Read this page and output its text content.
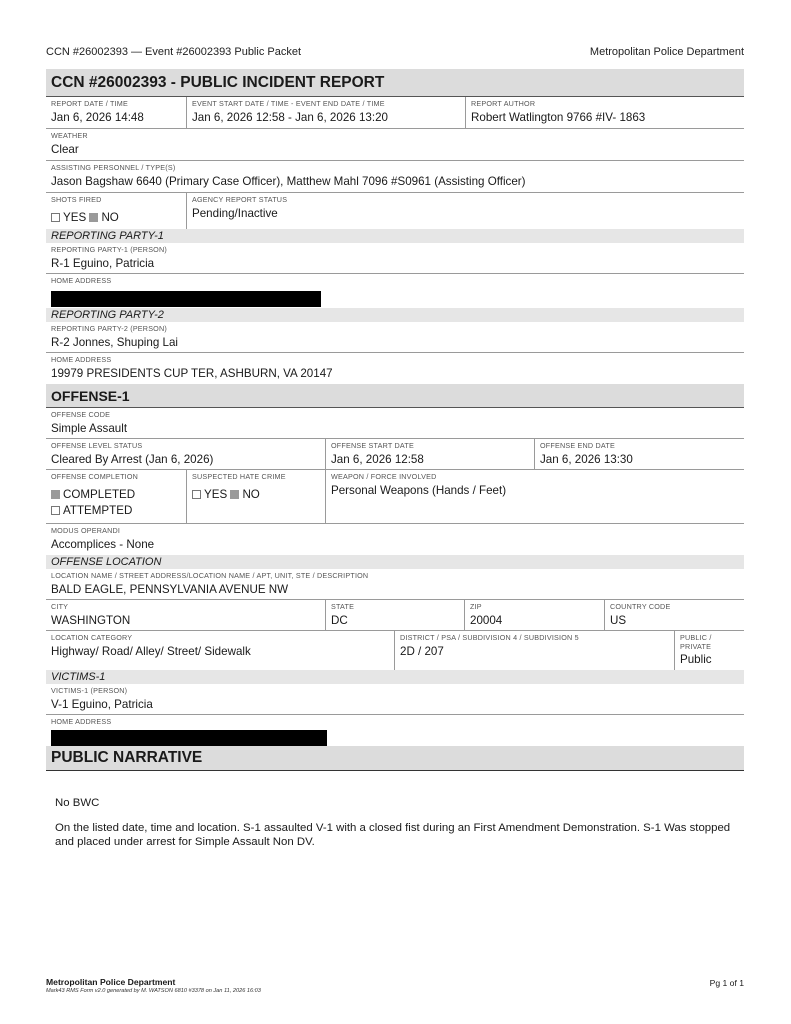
CCN #26002393 — Event #26002393 Public Packet	Metropolitan Police Department
CCN #26002393 - PUBLIC INCIDENT REPORT
REPORT DATE / TIME
Jan 6, 2026 14:48
EVENT START DATE / TIME - EVENT END DATE / TIME
Jan 6, 2026 12:58 - Jan 6, 2026 13:20
REPORT AUTHOR
Robert Watlington 9766 #IV- 1863
WEATHER
Clear
ASSISTING PERSONNEL / TYPE(S)
Jason Bagshaw 6640 (Primary Case Officer), Matthew Mahl 7096 #S0961 (Assisting Officer)
SHOTS FIRED
YES NO
AGENCY REPORT STATUS
Pending/Inactive
REPORTING PARTY-1
REPORTING PARTY-1 (PERSON)
R-1 Eguino, Patricia
HOME ADDRESS
REPORTING PARTY-2
REPORTING PARTY-2 (PERSON)
R-2 Jonnes, Shuping Lai
HOME ADDRESS
19979 PRESIDENTS CUP TER, ASHBURN, VA 20147
OFFENSE-1
OFFENSE CODE
Simple Assault
OFFENSE LEVEL STATUS
Cleared By Arrest (Jan 6, 2026)
OFFENSE START DATE
Jan 6, 2026 12:58
OFFENSE END DATE
Jan 6, 2026 13:30
OFFENSE COMPLETION
COMPLETED
ATTEMPTED
SUSPECTED HATE CRIME
YES NO
WEAPON / FORCE INVOLVED
Personal Weapons (Hands / Feet)
MODUS OPERANDI
Accomplices - None
OFFENSE LOCATION
LOCATION NAME / STREET ADDRESS/LOCATION NAME / APT, UNIT, STE / DESCRIPTION
BALD EAGLE, PENNSYLVANIA AVENUE NW
CITY
WASHINGTON
STATE
DC
ZIP
20004
COUNTRY CODE
US
LOCATION CATEGORY
Highway/ Road/ Alley/ Street/ Sidewalk
DISTRICT / PSA / SUBDIVISION 4 / SUBDIVISION 5
2D / 207
PUBLIC / PRIVATE
Public
VICTIMS-1
VICTIMS-1 (PERSON)
V-1 Eguino, Patricia
HOME ADDRESS
PUBLIC NARRATIVE

No BWC

On the listed date, time and location. S-1 assaulted V-1 with a closed fist during an First Amendment Demonstration. S-1 Was stopped and placed under arrest for Simple Assault Non DV.

Metropolitan Police Department
Mark43 RMS Form v2.0 generated by M. WATSON 6810 #3378 on Jan 11, 2026 16:03
Pg 1 of 1
